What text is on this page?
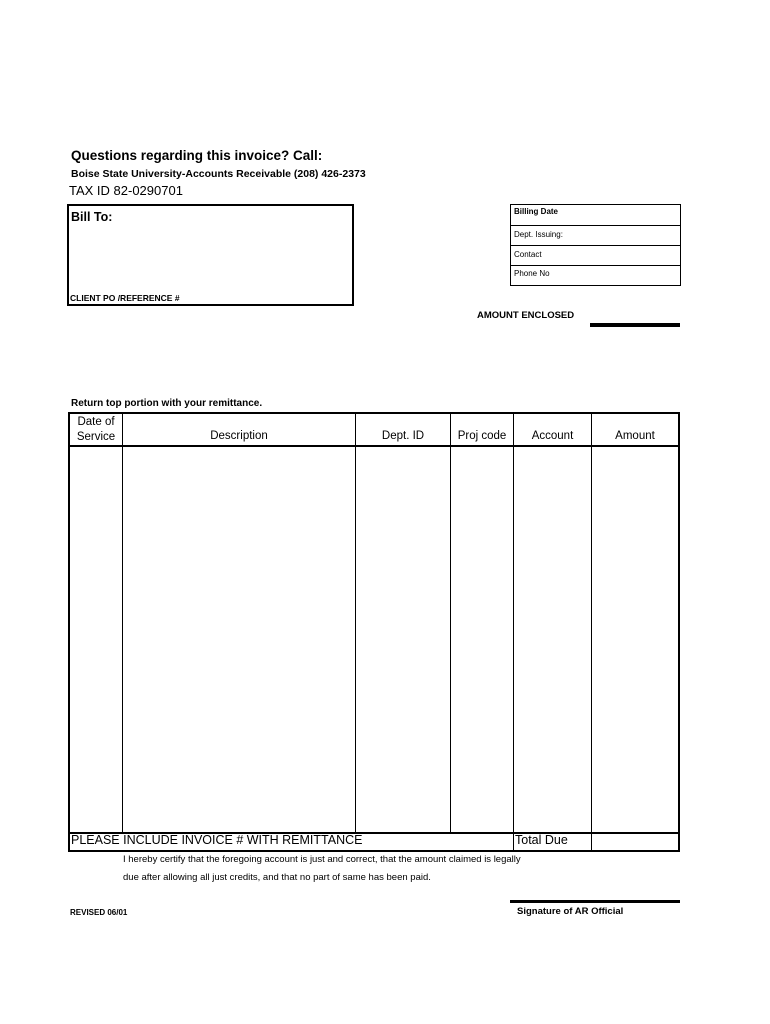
Questions regarding this invoice? Call:
Boise State University-Accounts Receivable (208) 426-2373
TAX ID 82-0290701
Bill To:
CLIENT PO /REFERENCE #
Billing Date
Dept. Issuing:
Contact
Phone No
AMOUNT ENCLOSED
Return top portion with your remittance.
Date of
Service	Description	Dept. ID	Proj code	Account	Amount
PLEASE INCLUDE INVOICE # WITH REMITTANCE	Total Due
I hereby certify that the foregoing account is just and correct, that the amount claimed is legally
due after allowing all just credits, and that no part of same has been paid.
REVISED 06/01	Signature of AR Official
